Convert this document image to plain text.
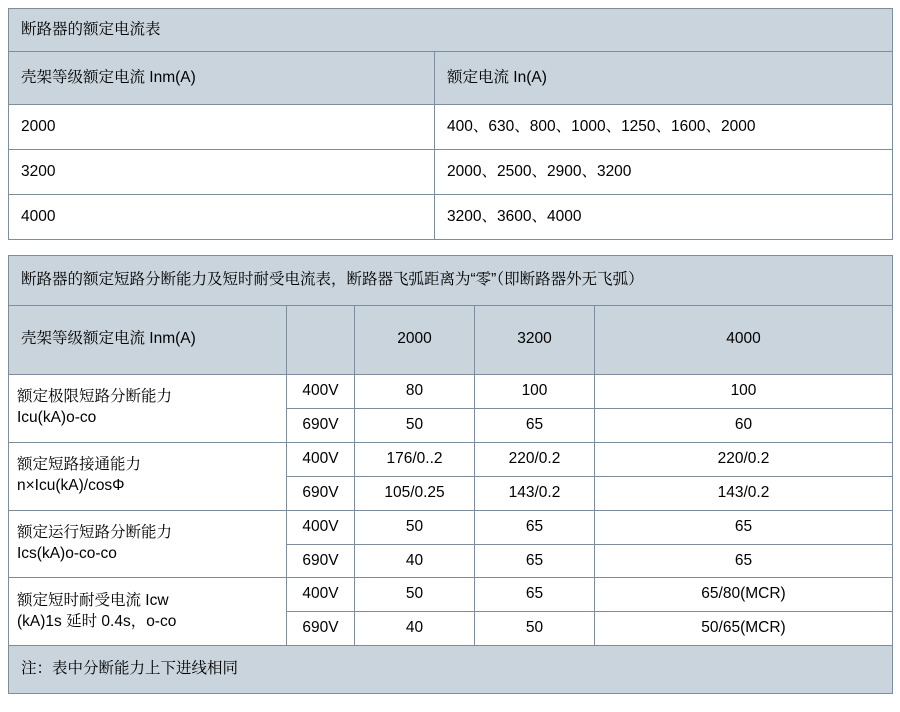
断路器的额定电流表	
壳架等级额定电流 Inm(A)	额定电流 In(A)
2000	400、630、800、1000、1250、1600、2000
3200	2000、2500、2900、3200
4000	3200、3600、4000
断路器的额定短路分断能力及短时耐受电流表，断路器飞弧距离为“零”（即断路器外无飞弧）				
壳架等级额定电流 Inm(A)		2000	3200	4000

额定极限短路分断能力
Icu(kA)o-co	400V	80	100	100
	690V	50	65	60

额定短路接通能力
n×Icu(kA)/cosΦ	400V	176/0..2	220/0.2	220/0.2
	690V	105/0.25	143/0.2	143/0.2

额定运行短路分断能力
Ics(kA)o-co-co	400V	50	65	65
	690V	40	65	65

额定短时耐受电流 Icw
(kA)1s 延时 0.4s，o-co	400V	50	65	65/80(MCR)
	690V	40	50	50/65(MCR)
注：表中分断能力上下进线相同				
